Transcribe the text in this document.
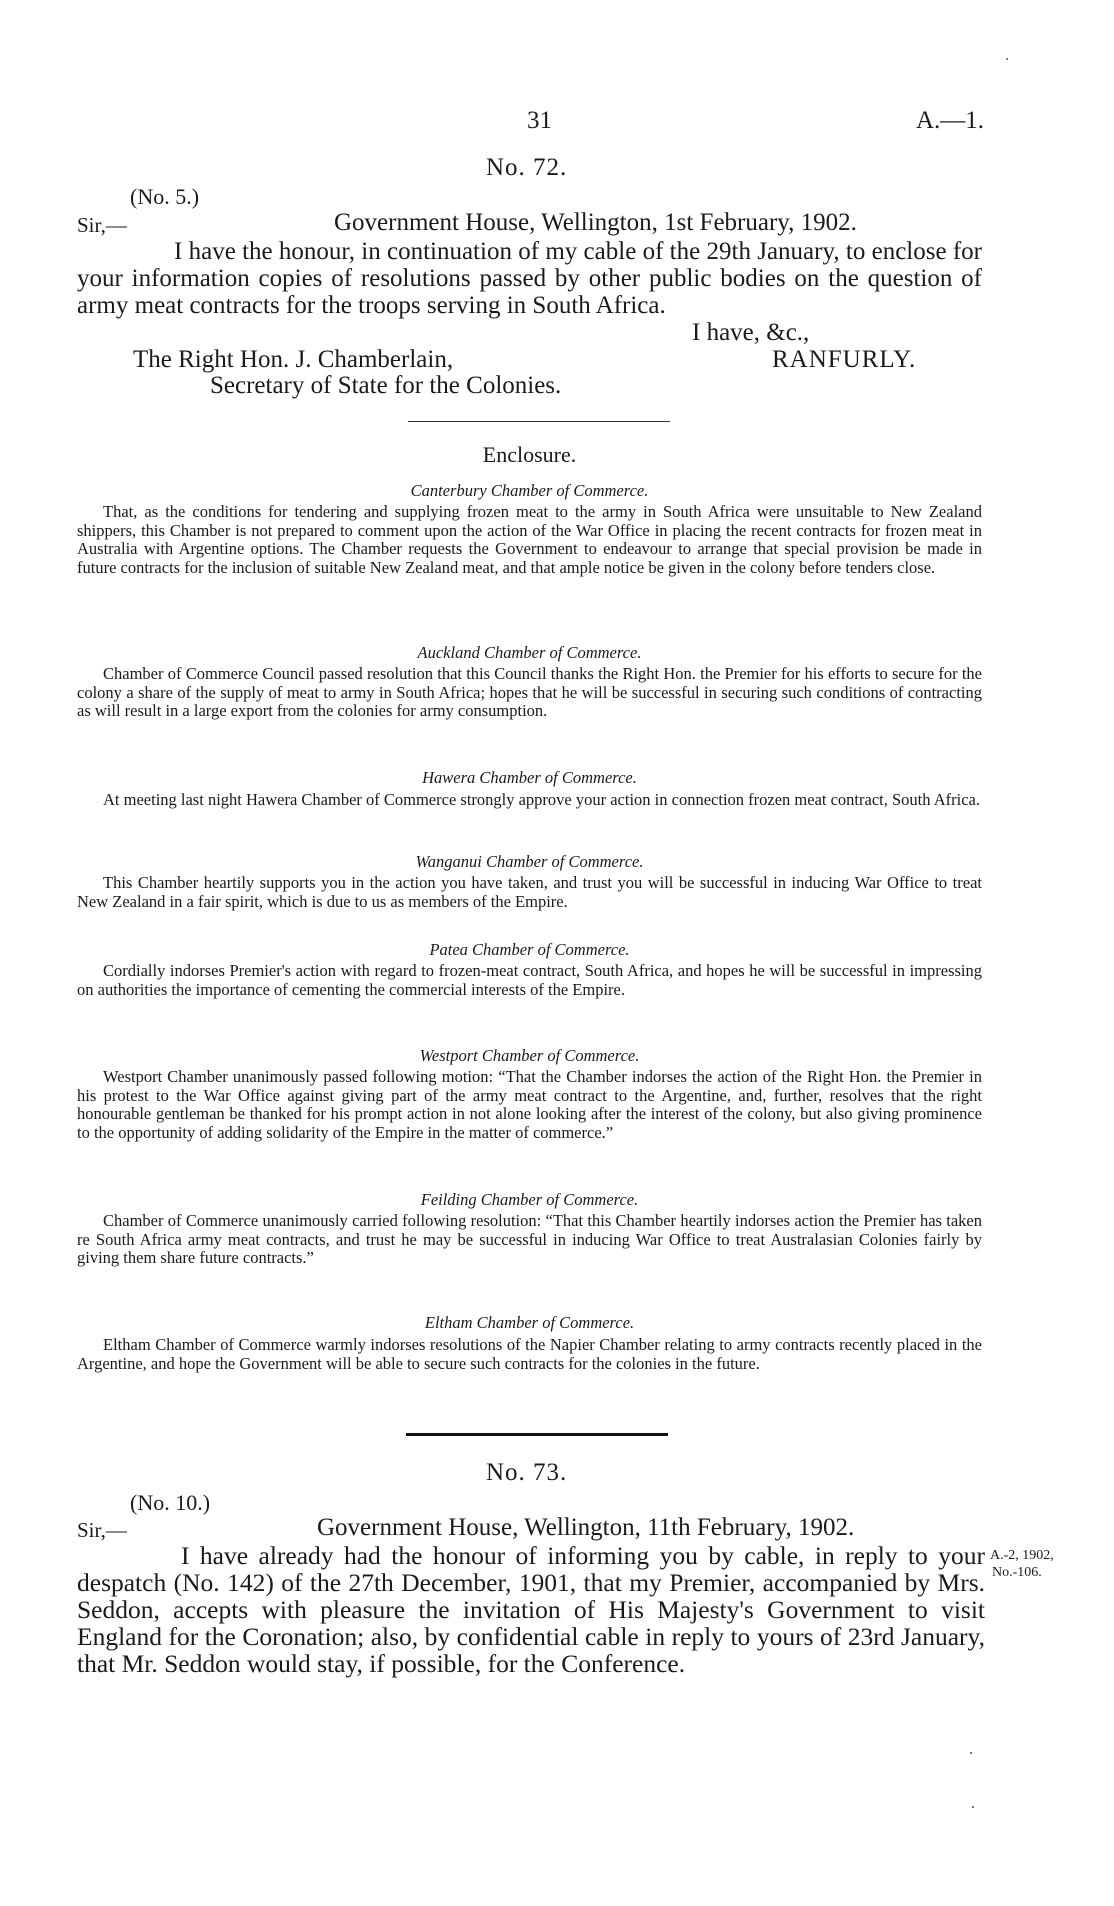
31	A.—1.
No. 72.
(No. 5.)
Sir,—	Government House, Wellington, 1st February, 1902.
I have the honour, in continuation of my cable of the 29th January, to enclose for your information copies of resolutions passed by other public bodies on the question of army meat contracts for the troops serving in South Africa.
I have, &c.,
RANFURLY.
The Right Hon. J. Chamberlain,
Secretary of State for the Colonies.
Enclosure.
Canterbury Chamber of Commerce.
That, as the conditions for tendering and supplying frozen meat to the army in South Africa were unsuitable to New Zealand shippers, this Chamber is not prepared to comment upon the action of the War Office in placing the recent contracts for frozen meat in Australia with Argentine options. The Chamber requests the Government to endeavour to arrange that special provision be made in future contracts for the inclusion of suitable New Zealand meat, and that ample notice be given in the colony before tenders close.
Auckland Chamber of Commerce.
Chamber of Commerce Council passed resolution that this Council thanks the Right Hon. the Premier for his efforts to secure for the colony a share of the supply of meat to army in South Africa; hopes that he will be successful in securing such conditions of contracting as will result in a large export from the colonies for army consumption.
Hawera Chamber of Commerce.
At meeting last night Hawera Chamber of Commerce strongly approve your action in connection frozen meat contract, South Africa.
Wanganui Chamber of Commerce.
This Chamber heartily supports you in the action you have taken, and trust you will be successful in inducing War Office to treat New Zealand in a fair spirit, which is due to us as members of the Empire.
Patea Chamber of Commerce.
Cordially indorses Premier's action with regard to frozen-meat contract, South Africa, and hopes he will be successful in impressing on authorities the importance of cementing the commercial interests of the Empire.
Westport Chamber of Commerce.
Westport Chamber unanimously passed following motion: “That the Chamber indorses the action of the Right Hon. the Premier in his protest to the War Office against giving part of the army meat contract to the Argentine, and, further, resolves that the right honourable gentleman be thanked for his prompt action in not alone looking after the interest of the colony, but also giving prominence to the opportunity of adding solidarity of the Empire in the matter of commerce.”
Feilding Chamber of Commerce.
Chamber of Commerce unanimously carried following resolution: “That this Chamber heartily indorses action the Premier has taken re South Africa army meat contracts, and trust he may be successful in inducing War Office to treat Australasian Colonies fairly by giving them share future contracts.”
Eltham Chamber of Commerce.
Eltham Chamber of Commerce warmly indorses resolutions of the Napier Chamber relating to army contracts recently placed in the Argentine, and hope the Government will be able to secure such contracts for the colonies in the future.
No. 73.
(No. 10.)
Sir,—	Government House, Wellington, 11th February, 1902.
I have already had the honour of informing you by cable, in reply to your despatch (No. 142) of the 27th December, 1901, that my Premier, accompanied by Mrs. Seddon, accepts with pleasure the invitation of His Majesty's Government to visit England for the Coronation; also, by confidential cable in reply to yours of 23rd January, that Mr. Seddon would stay, if possible, for the Conference.
A.-2, 1902,
No.-106.
